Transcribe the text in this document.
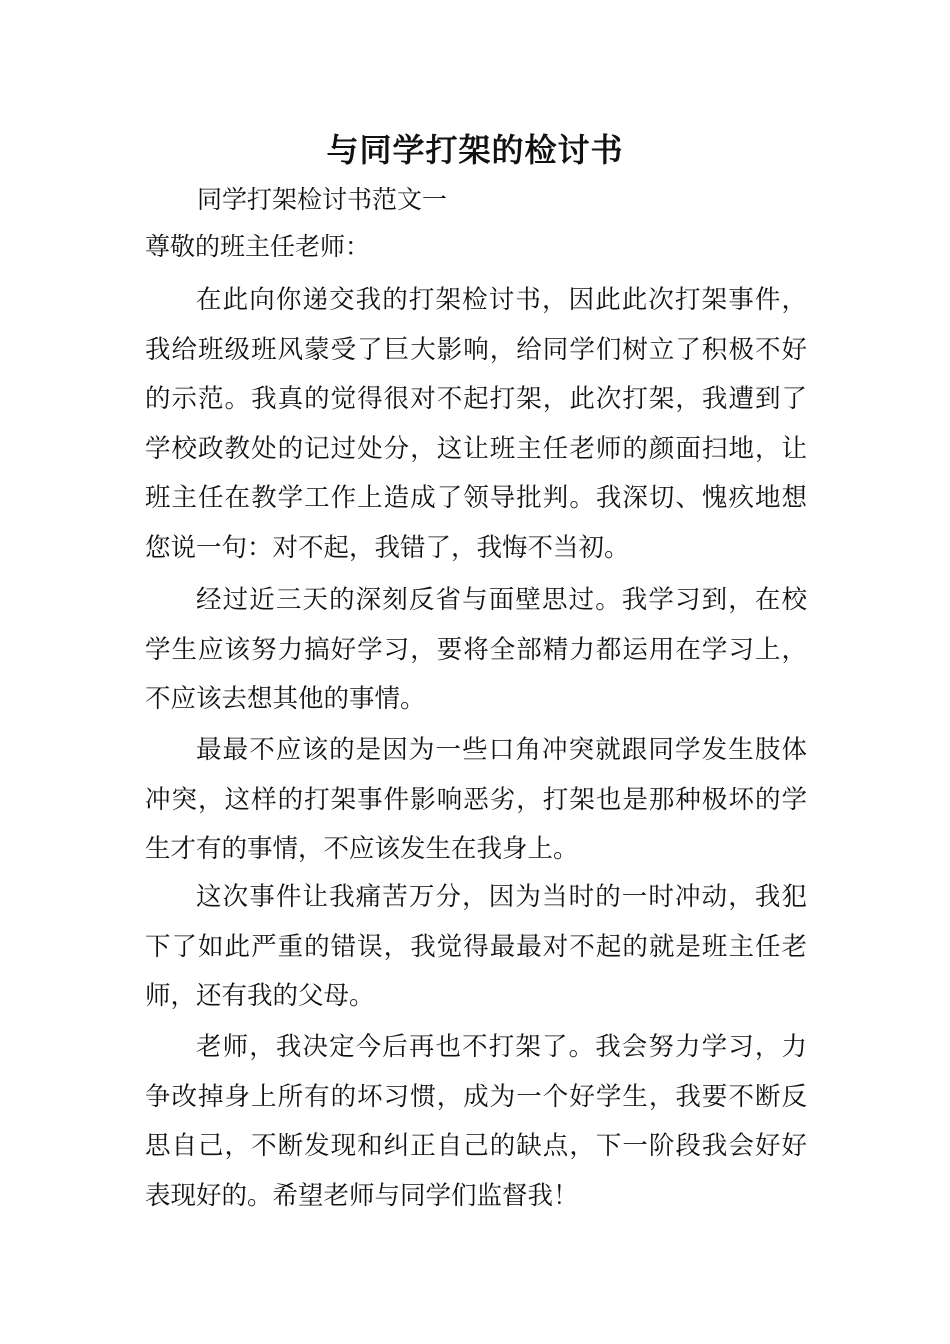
与同学打架的检讨书

同学打架检讨书范文一

尊敬的班主任老师：

在此向你递交我的打架检讨书，因此此次打架事件，我给班级班风蒙受了巨大影响，给同学们树立了积极不好的示范。我真的觉得很对不起打架，此次打架，我遭到了学校政教处的记过处分，这让班主任老师的颜面扫地，让班主任在教学工作上造成了领导批判。我深切、愧疚地想您说一句：对不起，我错了，我悔不当初。

经过近三天的深刻反省与面壁思过。我学习到，在校学生应该努力搞好学习，要将全部精力都运用在学习上，不应该去想其他的事情。

最最不应该的是因为一些口角冲突就跟同学发生肢体冲突，这样的打架事件影响恶劣，打架也是那种极坏的学生才有的事情，不应该发生在我身上。

这次事件让我痛苦万分，因为当时的一时冲动，我犯下了如此严重的错误，我觉得最最对不起的就是班主任老师，还有我的父母。

老师，我决定今后再也不打架了。我会努力学习，力争改掉身上所有的坏习惯，成为一个好学生，我要不断反思自己，不断发现和纠正自己的缺点，下一阶段我会好好表现好的。希望老师与同学们监督我！
